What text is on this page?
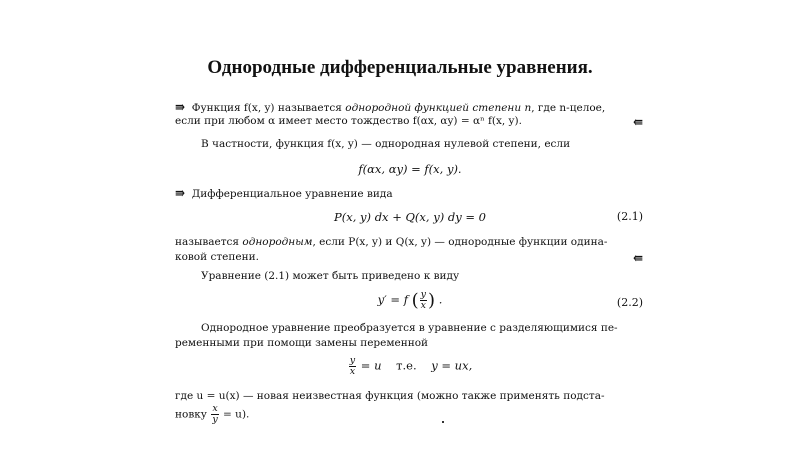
Однородные дифференциальные уравнения.
⇛ Функция f(x, y) называется однородной функцией степени n, где n-целое,
если при любом α имеет место тождество f(αx, αy) = αⁿ f(x, y).	⇚
В частности, функция f(x, y) — однородная нулевой степени, если
f(αx, αy) = f(x, y).
⇛ Дифференциальное уравнение вида
P(x, y) dx + Q(x, y) dy = 0	(2.1)
называется однородным, если P(x, y) и Q(x, y) — однородные функции одина-
ковой степени.	⇚
Уравнение (2.1) может быть приведено к виду
y′ = f ( $\frac{y}{x}$ ) .	(2.2)
Однородное уравнение преобразуется в уравнение с разделяющимися пе-
ременными при помощи замены переменной
$\frac{y}{x} = u$ т.е. y = ux,
где u = u(x) — новая неизвестная функция (можно также применять подста-
новку $\frac{x}{y} = u$).
